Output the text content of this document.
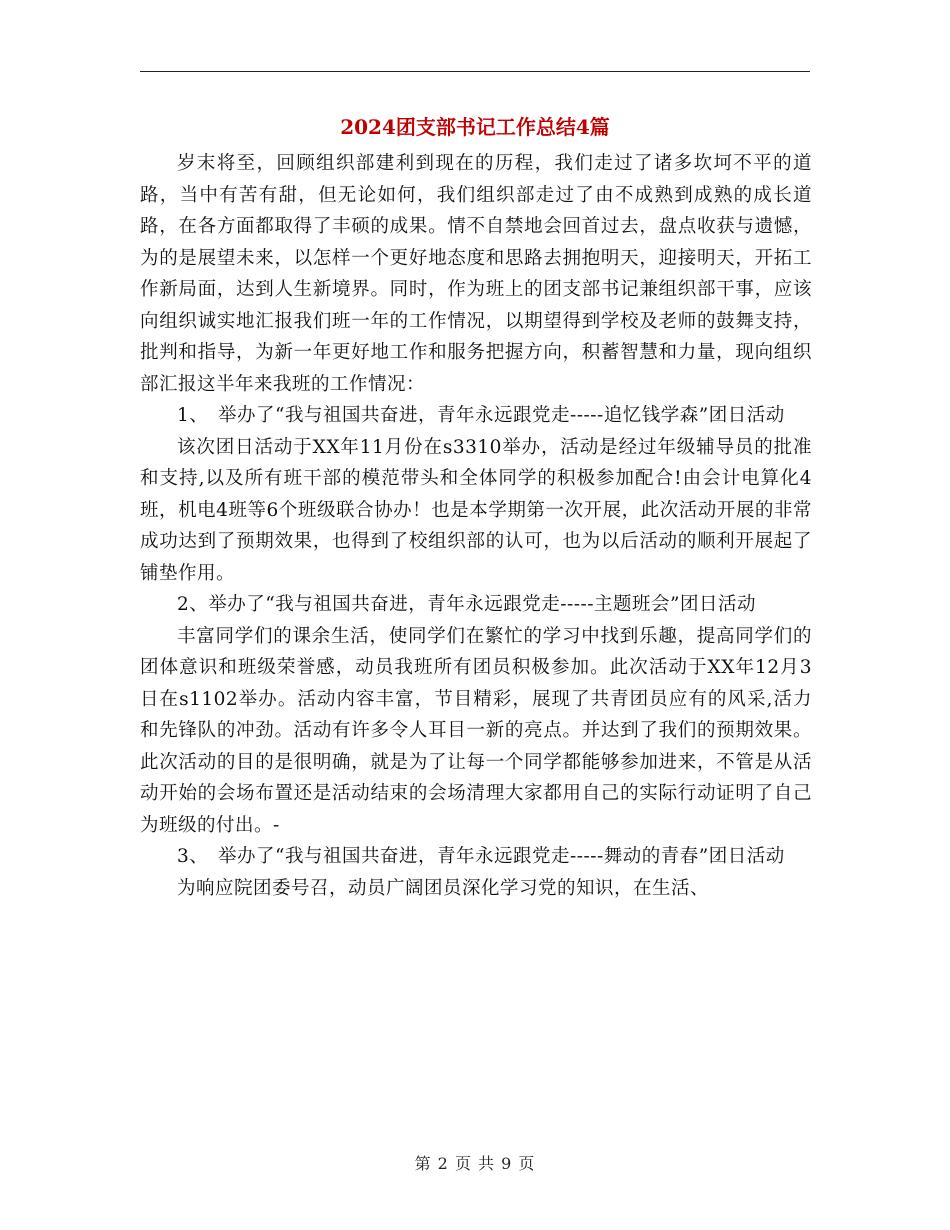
2024团支部书记工作总结4篇

岁末将至，回顾组织部建利到现在的历程，我们走过了诸多坎坷不平的道路，当中有苦有甜，但无论如何，我们组织部走过了由不成熟到成熟的成长道路，在各方面都取得了丰硕的成果。情不自禁地会回首过去，盘点收获与遗憾，为的是展望未来，以怎样一个更好地态度和思路去拥抱明天，迎接明天，开拓工作新局面，达到人生新境界。同时，作为班上的团支部书记兼组织部干事，应该向组织诚实地汇报我们班一年的工作情况，以期望得到学校及老师的鼓舞支持，批判和指导，为新一年更好地工作和服务把握方向，积蓄智慧和力量，现向组织部汇报这半年来我班的工作情况：

1、　举办了“我与祖国共奋进，青年永远跟党走-----追忆钱学森”团日活动

该次团日活动于XX年11月份在s3310举办，活动是经过年级辅导员的批准和支持,以及所有班干部的模范带头和全体同学的积极参加配合!由会计电算化4班，机电4班等6个班级联合协办！也是本学期第一次开展，此次活动开展的非常成功达到了预期效果，也得到了校组织部的认可，也为以后活动的顺利开展起了铺垫作用。

2、举办了“我与祖国共奋进，青年永远跟党走-----主题班会”团日活动

丰富同学们的课余生活，使同学们在繁忙的学习中找到乐趣，提高同学们的团体意识和班级荣誉感，动员我班所有团员积极参加。此次活动于XX年12月3日在s1102举办。活动内容丰富，节目精彩，展现了共青团员应有的风采,活力和先锋队的冲劲。活动有许多令人耳目一新的亮点。并达到了我们的预期效果。此次活动的目的是很明确，就是为了让每一个同学都能够参加进来，不管是从活动开始的会场布置还是活动结束的会场清理大家都用自己的实际行动证明了自己为班级的付出。-

3、　举办了“我与祖国共奋进，青年永远跟党走-----舞动的青春”团日活动

为响应院团委号召，动员广阔团员深化学习党的知识，在生活、

第 2 页 共 9 页
